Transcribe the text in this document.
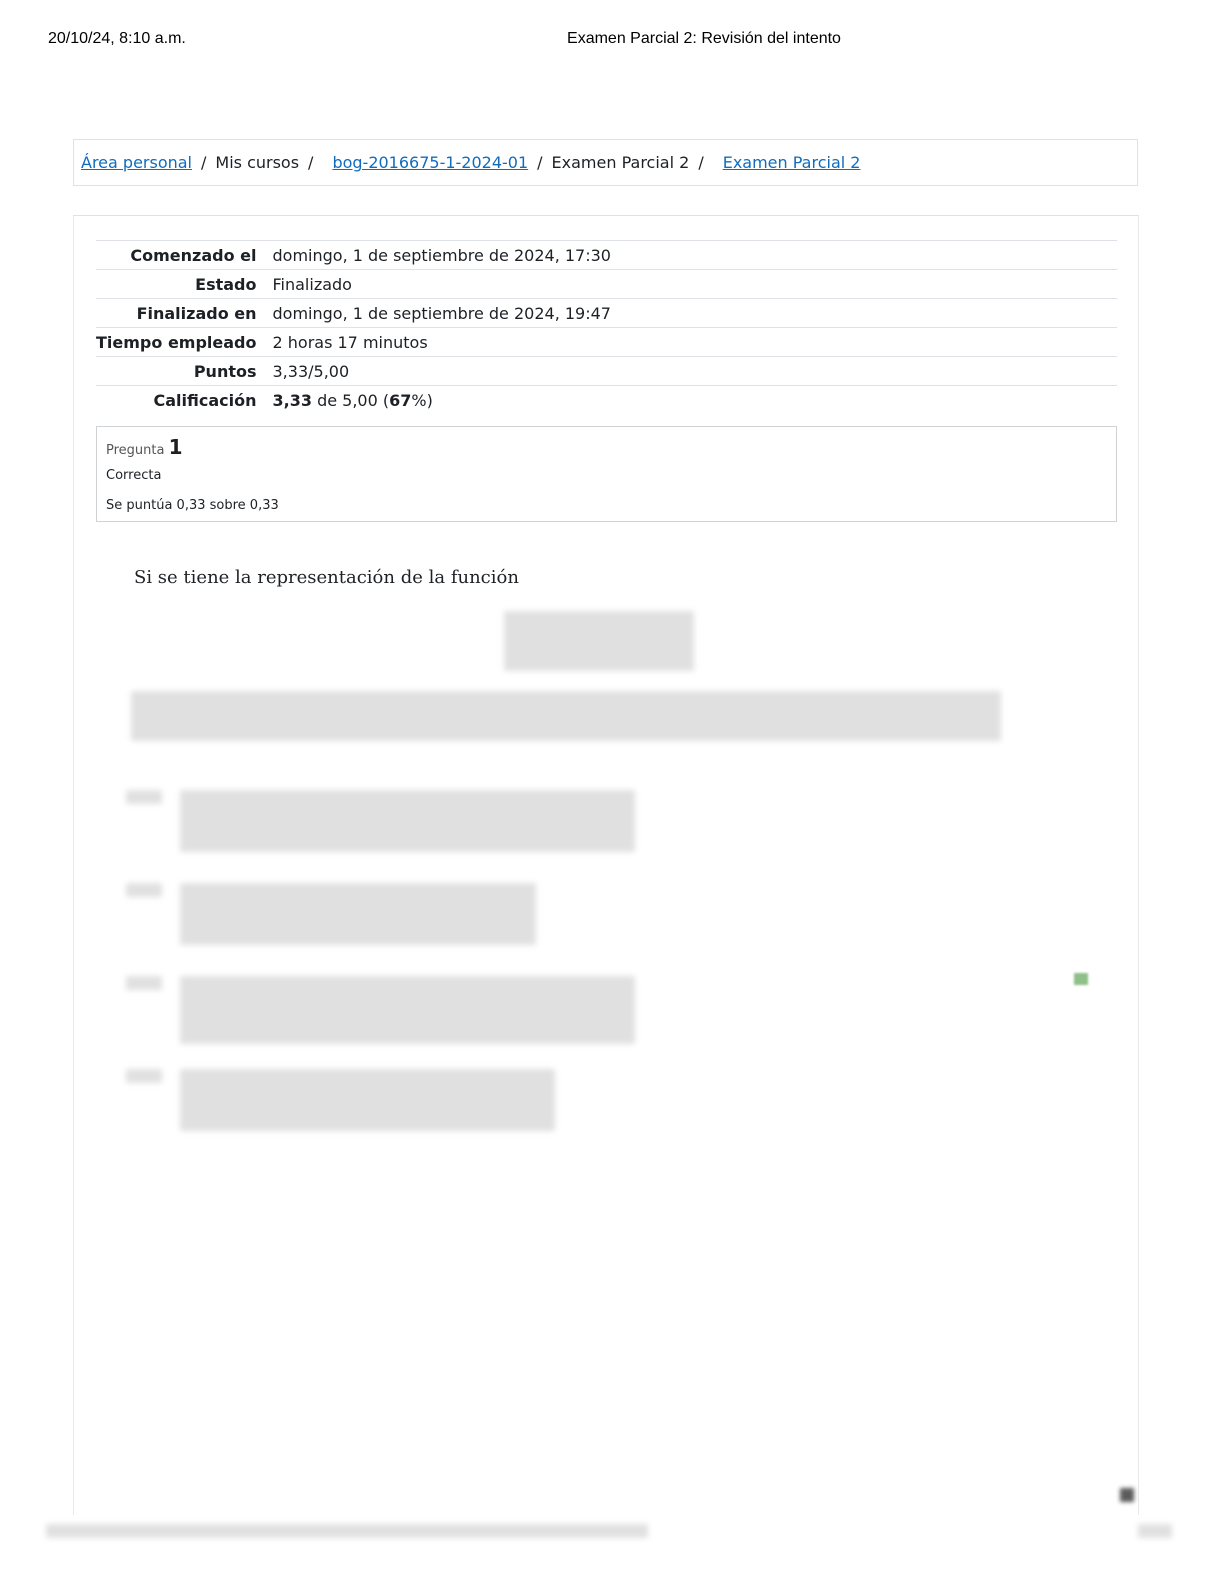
20/10/24, 8:10 a.m.	Examen Parcial 2: Revisión del intento
Área personal / Mis cursos / bog-2016675-1-2024-01 / Examen Parcial 2 / Examen Parcial 2
Comenzado el	domingo, 1 de septiembre de 2024, 17:30
Estado	Finalizado
Finalizado en	domingo, 1 de septiembre de 2024, 19:47
Tiempo empleado	2 horas 17 minutos
Puntos	3,33/5,00
Calificación	3,33 de 5,00 (67%)
Pregunta 1
Correcta
Se puntúa 0,33 sobre 0,33
Si se tiene la representación de la función
